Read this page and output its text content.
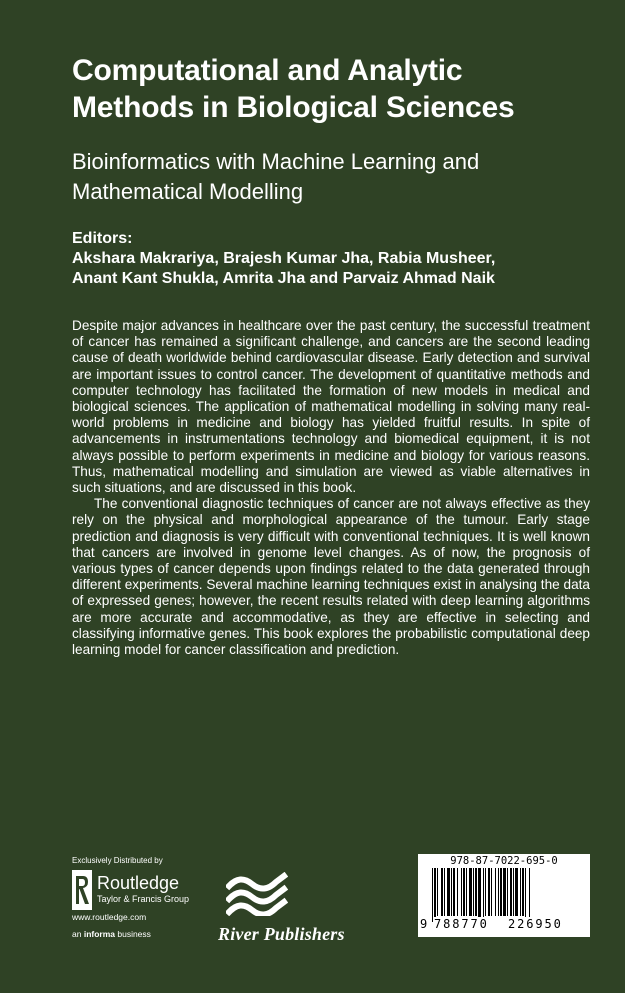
Computational and Analytic
Methods in Biological Sciences
Bioinformatics with Machine Learning and
Mathematical Modelling
Editors:
Akshara Makrariya, Brajesh Kumar Jha, Rabia Musheer,
Anant Kant Shukla, Amrita Jha and Parvaiz Ahmad Naik

Despite major advances in healthcare over the past century, the successful treatment of cancer has remained a significant challenge, and cancers are the second leading cause of death worldwide behind cardiovascular disease. Early detection and survival are important issues to control cancer. The development of quantitative methods and computer technology has facilitated the formation of new models in medical and biological sciences. The application of mathematical modelling in solving many real-world problems in medicine and biology has yielded fruitful results. In spite of advancements in instrumentations technology and biomedical equipment, it is not always possible to perform experiments in medicine and biology for various reasons. Thus, mathematical modelling and simulation are viewed as viable alternatives in such situations, and are discussed in this book.

The conventional diagnostic techniques of cancer are not always effective as they rely on the physical and morphological appearance of the tumour. Early stage prediction and diagnosis is very difficult with conventional techniques. It is well known that cancers are involved in genome level changes. As of now, the prognosis of various types of cancer depends upon findings related to the data generated through different experiments. Several machine learning techniques exist in analysing the data of expressed genes; however, the recent results related with deep learning algorithms are more accurate and accommodative, as they are effective in selecting and classifying informative genes. This book explores the probabilistic computational deep learning model for cancer classification and prediction.

Exclusively Distributed by
Routledge
Taylor & Francis Group
www.routledge.com
an informa business	River Publishers
978-87-7022-695-0
9 788770 226950
